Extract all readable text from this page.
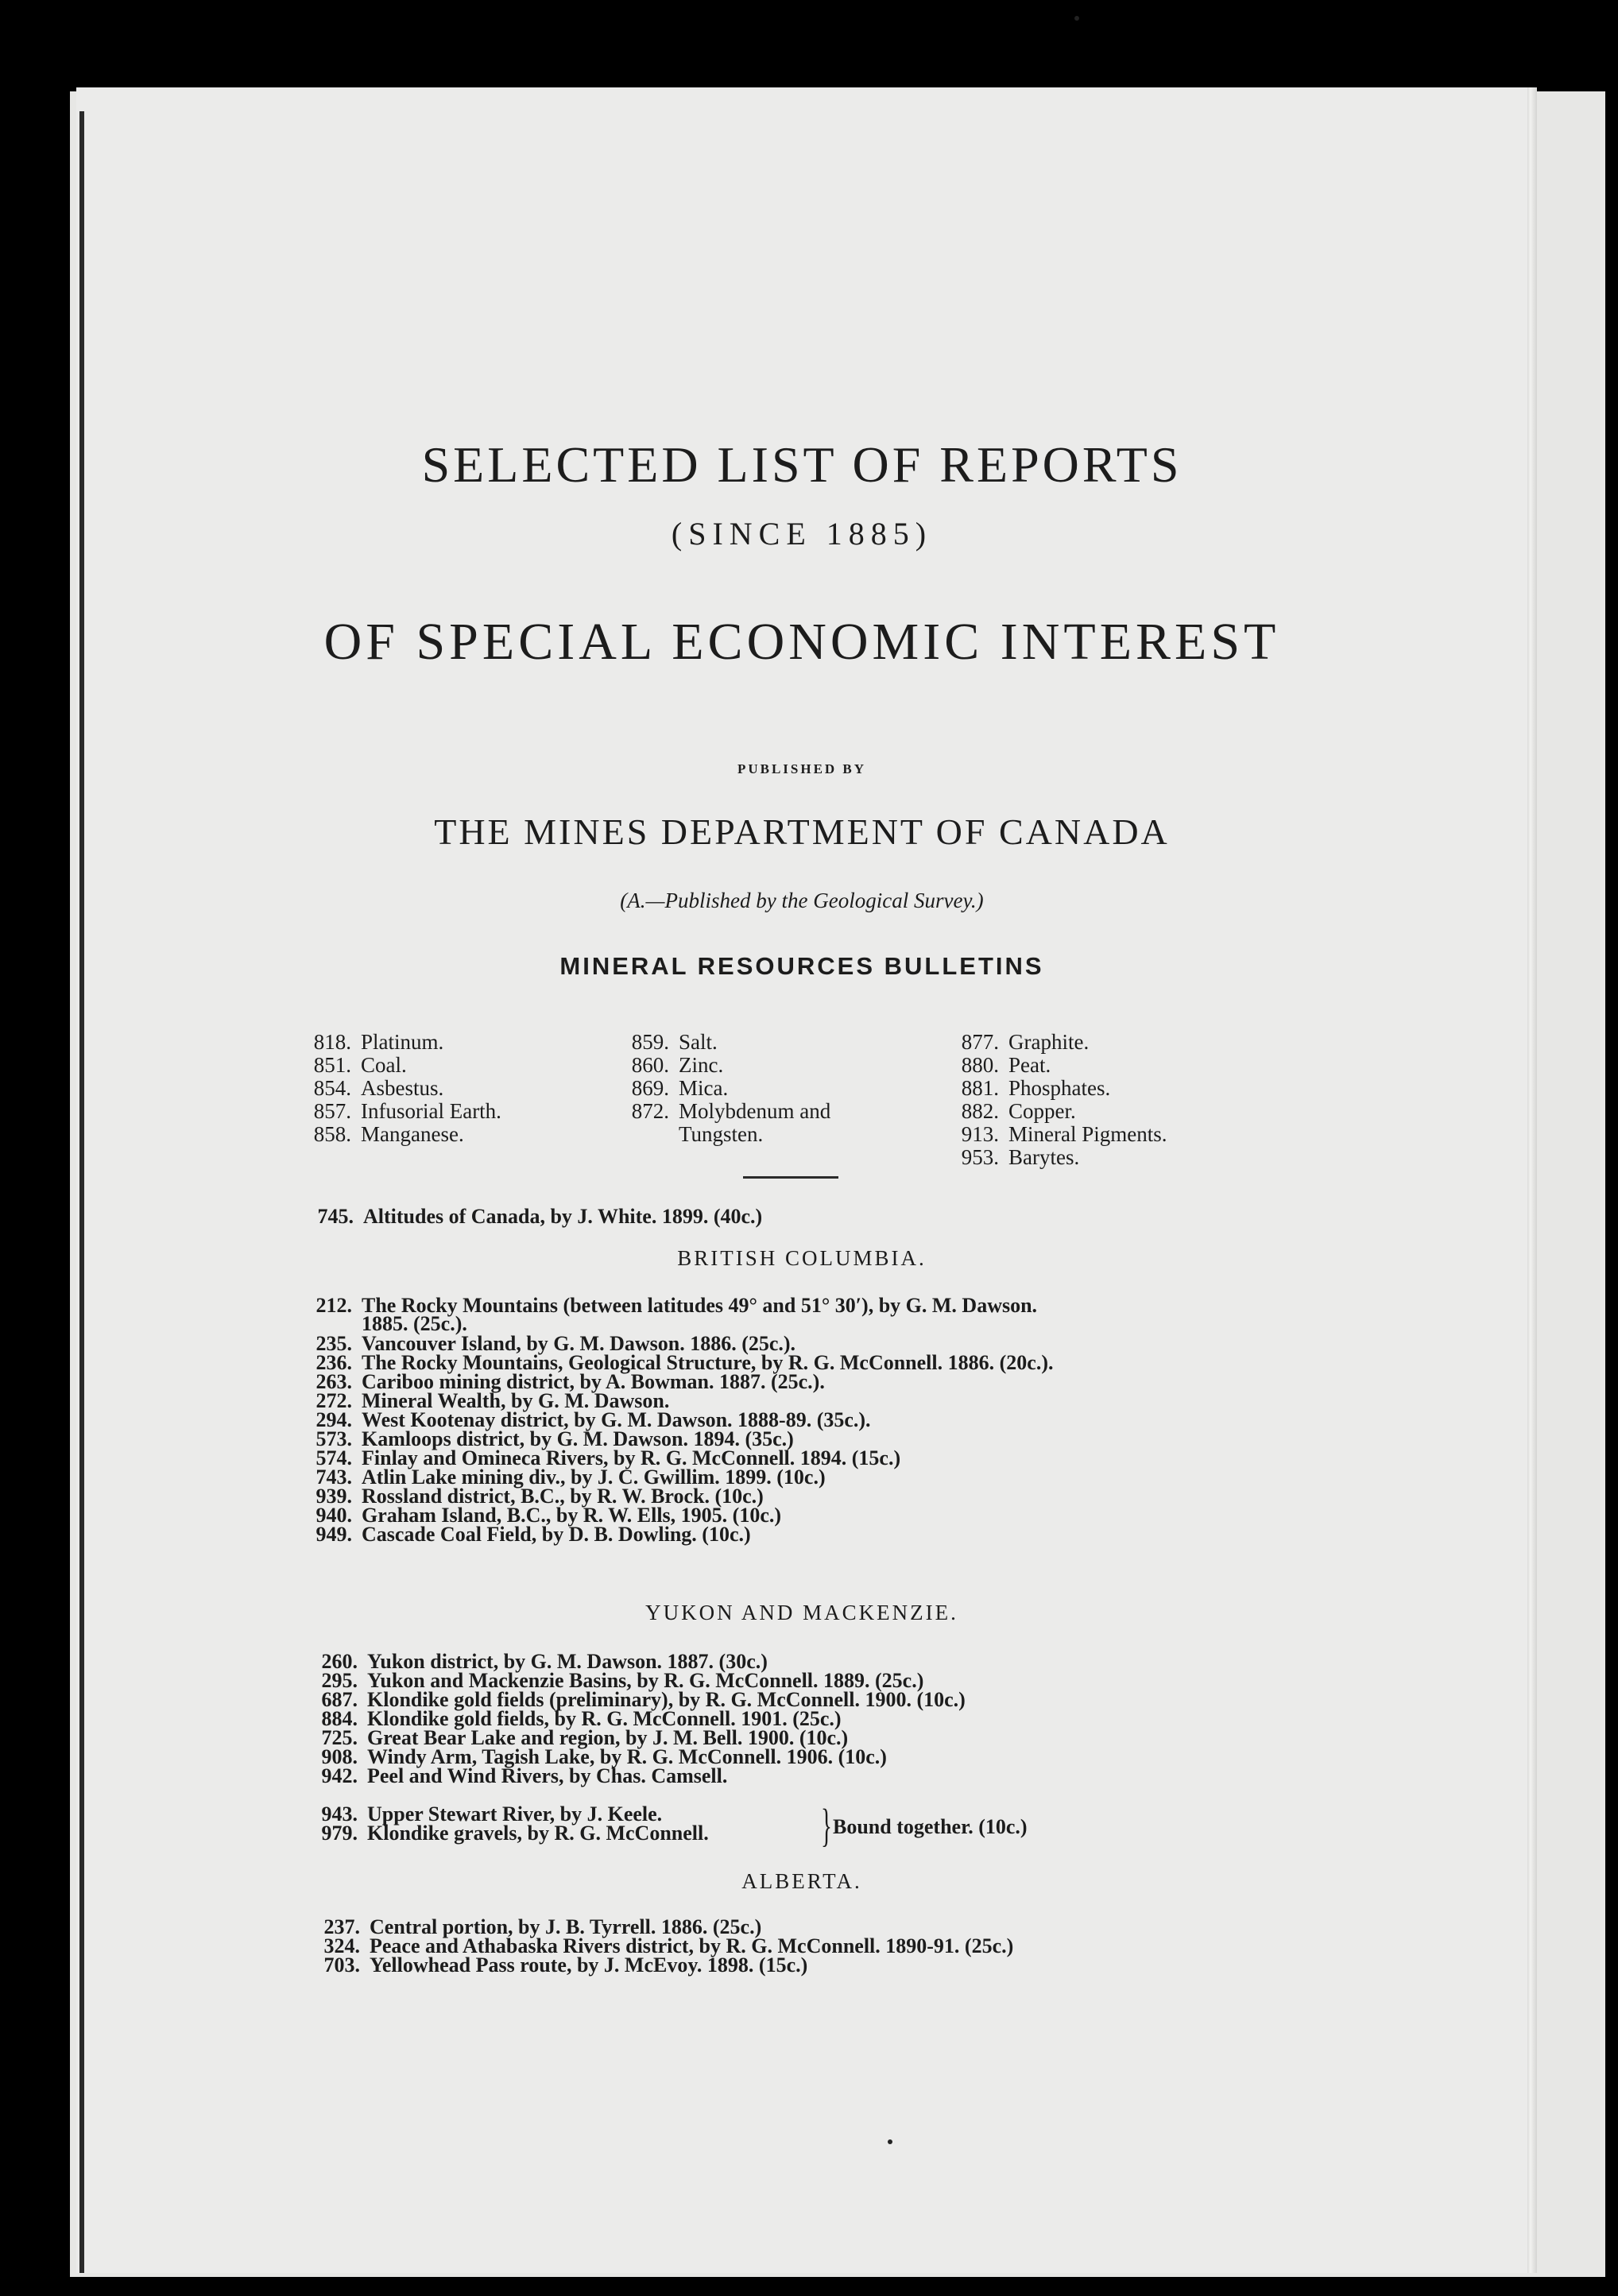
SELECTED LIST OF REPORTS
(SINCE 1885)
OF SPECIAL ECONOMIC INTEREST
PUBLISHED BY
THE MINES DEPARTMENT OF CANADA
(A.—Published by the Geological Survey.)
MINERAL RESOURCES BULLETINS
818. Platinum.
851. Coal.
854. Asbestus.
857. Infusorial Earth.
858. Manganese.
859. Salt.
860. Zinc.
869. Mica.
872. Molybdenum and
Tungsten.
877. Graphite.
880. Peat.
881. Phosphates.
882. Copper.
913. Mineral Pigments.
953. Barytes.
745. Altitudes of Canada, by J. White. 1899. (40c.)
BRITISH COLUMBIA.
212. The Rocky Mountains (between latitudes 49° and 51° 30′), by G. M. Dawson.
1885. (25c.).
235. Vancouver Island, by G. M. Dawson. 1886. (25c.).
236. The Rocky Mountains, Geological Structure, by R. G. McConnell. 1886. (20c.).
263. Cariboo mining district, by A. Bowman. 1887. (25c.).
272. Mineral Wealth, by G. M. Dawson.
294. West Kootenay district, by G. M. Dawson. 1888-89. (35c.).
573. Kamloops district, by G. M. Dawson. 1894. (35c.)
574. Finlay and Omineca Rivers, by R. G. McConnell. 1894. (15c.)
743. Atlin Lake mining div., by J. C. Gwillim. 1899. (10c.)
939. Rossland district, B.C., by R. W. Brock. (10c.)
940. Graham Island, B.C., by R. W. Ells, 1905. (10c.)
949. Cascade Coal Field, by D. B. Dowling. (10c.)
YUKON AND MACKENZIE.
260. Yukon district, by G. M. Dawson. 1887. (30c.)
295. Yukon and Mackenzie Basins, by R. G. McConnell. 1889. (25c.)
687. Klondike gold fields (preliminary), by R. G. McConnell. 1900. (10c.)
884. Klondike gold fields, by R. G. McConnell. 1901. (25c.)
725. Great Bear Lake and region, by J. M. Bell. 1900. (10c.)
908. Windy Arm, Tagish Lake, by R. G. McConnell. 1906. (10c.)
942. Peel and Wind Rivers, by Chas. Camsell.
943. Upper Stewart River, by J. Keele.
979. Klondike gravels, by R. G. McConnell. } Bound together. (10c.)
ALBERTA.
237. Central portion, by J. B. Tyrrell. 1886. (25c.)
324. Peace and Athabaska Rivers district, by R. G. McConnell. 1890-91. (25c.)
703. Yellowhead Pass route, by J. McEvoy. 1898. (15c.)
